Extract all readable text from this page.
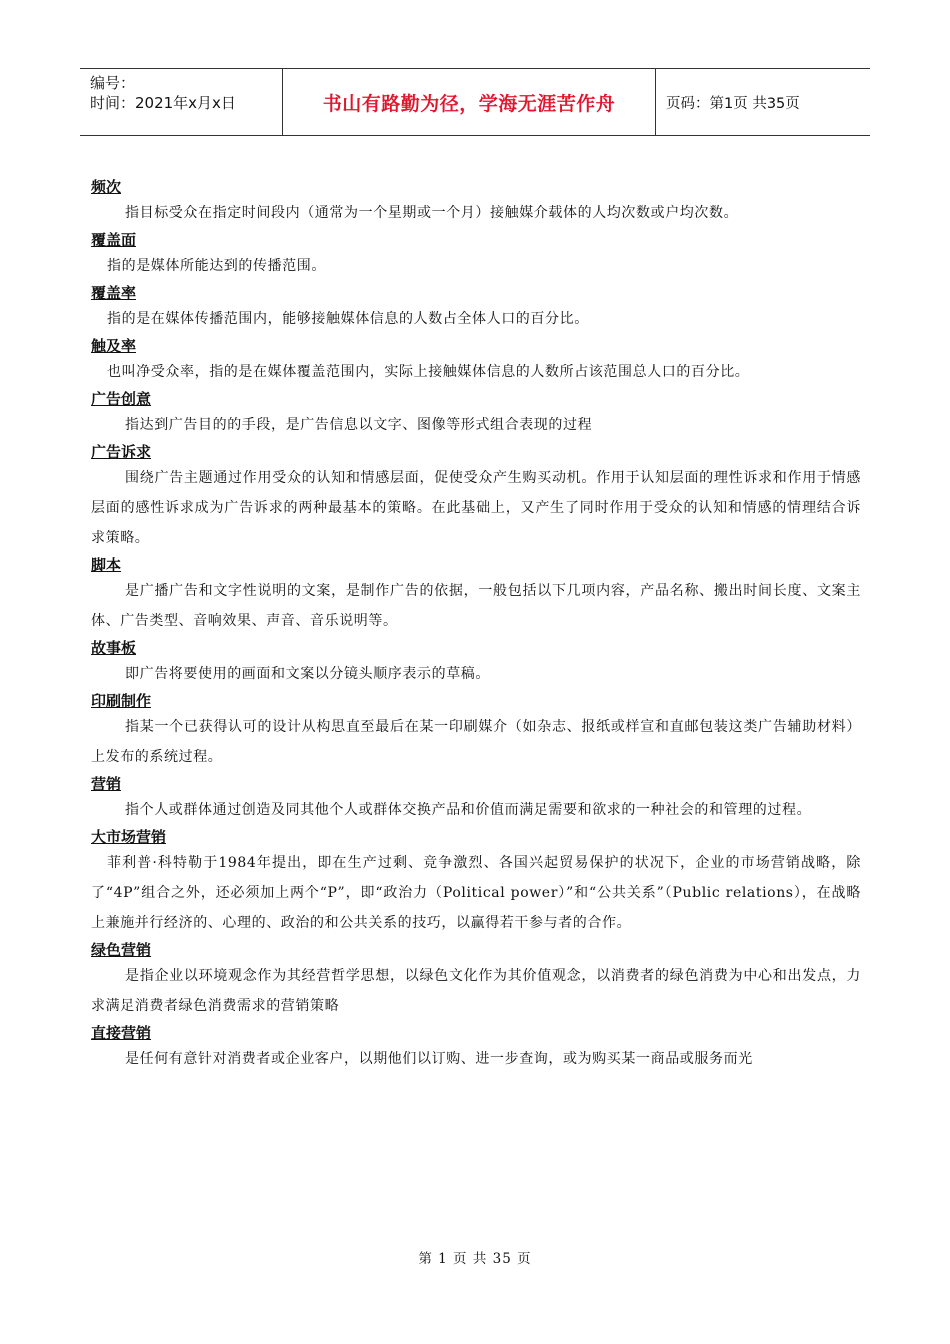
编号：
时间：2021年x月x日	书山有路勤为径，学海无涯苦作舟	页码：第1页 共35页

频次

指目标受众在指定时间段内（通常为一个星期或一个月）接触媒介载体的人均次数或户均次数。

覆盖面

指的是媒体所能达到的传播范围。

覆盖率

指的是在媒体传播范围内，能够接触媒体信息的人数占全体人口的百分比。

触及率

也叫净受众率，指的是在媒体覆盖范围内，实际上接触媒体信息的人数所占该范围总人口的百分比。

广告创意

指达到广告目的的手段，是广告信息以文字、图像等形式组合表现的过程

广告诉求

围绕广告主题通过作用受众的认知和情感层面，促使受众产生购买动机。作用于认知层面的理性诉求和作用于情感层面的感性诉求成为广告诉求的两种最基本的策略。在此基础上，又产生了同时作用于受众的认知和情感的情理结合诉求策略。

脚本

是广播广告和文字性说明的文案，是制作广告的依据，一般包括以下几项内容，产品名称、搬出时间长度、文案主体、广告类型、音响效果、声音、音乐说明等。

故事板

即广告将要使用的画面和文案以分镜头顺序表示的草稿。

印刷制作

指某一个已获得认可的设计从构思直至最后在某一印刷媒介（如杂志、报纸或样宣和直邮包装这类广告辅助材料）上发布的系统过程。

营销

指个人或群体通过创造及同其他个人或群体交换产品和价值而满足需要和欲求的一种社会的和管理的过程。

大市场营销

菲利普·科特勒于1984年提出，即在生产过剩、竞争激烈、各国兴起贸易保护的状况下，企业的市场营销战略，除了“4P”组合之外，还必须加上两个“P”，即“政治力（Political power）”和“公共关系”（Public relations），在战略上兼施并行经济的、心理的、政治的和公共关系的技巧，以赢得若干参与者的合作。

绿色营销

是指企业以环境观念作为其经营哲学思想，以绿色文化作为其价值观念，以消费者的绿色消费为中心和出发点，力求满足消费者绿色消费需求的营销策略

直接营销

是任何有意针对消费者或企业客户，以期他们以订购、进一步查询，或为购买某一商品或服务而光

第 1 页 共 35 页
